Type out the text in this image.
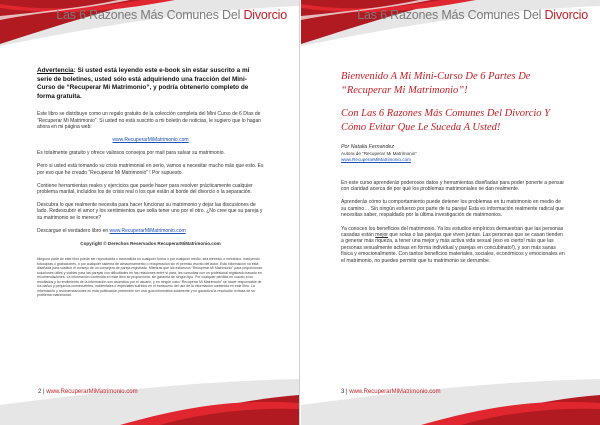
Las 6 Razones Más Comunes Del Divorcio

Advertencia: Si usted está leyendo este e-book sin estar suscrito a mi serie de boletines, usted sólo está adquiriendo una fracción del Mini-Curso de “Recuperar Mi Matrimonio”, y podría obtenerlo completo de forma gratuita.

Este libro se distribuye como un regalo gratuito de la colección completa del Mini Curso de 6 Días de “Recuperar Mi Matrimonio”. Si usted no está suscrito a mi boletín de noticias, le sugiero que lo hagan ahora en mi página web:

www.RecuperarMiMatrimonio.com

Es totalmente gratuito y ofrece valiosos consejos por mail para salvar su matrimonio.

Pero si usted está tomando su crisis matrimonial en serio, vamos a necesitar mucho más que esto. Es por eso que he creado “Recuperar Mi Matrimonio” ! Por supuesto.

Contiene herramientas reales y ejercicios que puede hacer para resolver prácticamente cualquier problema marital, incluidos los de crisis real o los que están al borde del divorcio o la separación.

Descubra lo que realmente necesita para hacer funcionar su matrimonio y dejar las discusiones de lado. Redescubrir el amor y los sentimientos que solía tener uno por el otro. ¿No cree que su pareja y su matrimonio se lo merece?

Descargue el verdadero libro en www.RecuperarMiMatrimonio.com

Copyright © Derechos Reservados RecuperarMiMatrimonio.com

Ninguna parte de este libro puede ser reproducida o transmitida en cualquier forma o por cualquier medio, sea eléctrico o mecánico, incluyendo fotocopias o grabaciones, o por cualquier sistema de almacenamiento o recuperación sin el permiso escrito del autor. Esta información no está diseñada para sustituir el consejo de un consejero de pareja registrado. Mientras que los esfuerzos “Recuperar Mi Matrimonio” para proporcionar soluciones útiles y viables para las parejas con dificultades en las relaciones entre sí para, les consultas con un profesional registrado basado en recomendaciones. La información contenida en este libro se proporciona, sin garantía de ningún tipo. Por cualquier pérdida en cuanto a los resultados y la rendimiento de la información son asumidos por el usuario, y en ningún caso “Recuperar Mi Matrimonio” se hacer responsable de los daños y perjuicios consecuentes, incidentales o especiales sufridos en el transcurso del uso de la información contenida en este libro. La información y recomendaciones en esta publicación pretenden ser una guía informativa solamente y no garantiza la resolución exitosa de su problema matrimonial.

2 | www.RecuperarMiMatrimonio.com
Las 6 Razones Más Comunes Del Divorcio

Bienvenido A Mi Mini-Curso De 6 Partes De “Recuperar Mi Matrimonio”!

Con Las 6 Razones Más Comunes Del Divorcio Y Cómo Evitar Que Le Suceda A Usted!

Por Natalia Fernandez
Autora de “Recuperar Mi Matrimonio”
www.RecuperarMiMatrimonio.com

En este curso aprenderás poderosos datos y herramientas diseñadas para poder ponerte a pensar con claridad acerca de por qué los problemas matrimoniales se dan realmente.

Aprenderás cómo tu comportamiento puede detener los problemas en tu matrimonio en medio de su camino… Sin ningún esfuerzo por parte de tu pareja! Esta es información realmente radical que necesitas saber, respaldado por la última investigación de matrimonios.

Ya conoces los beneficios del matrimonio. Ya los estudios empíricos demuestran que las personas casadas están mejor que solas o las parejas que viven juntas. Las personas que se casan tienden a generar más riqueza, a tener una mejor y más activa vida sexual (eso es cierto! más que las personas sexualmente activas en forma individual y parejas en concubinato!), y son más sanas física y emocionalmente. Con tantos beneficios materiales, sociales, económicos y emocionales en el matrimonio, no puedes permitir que tu matrimonio se derrumbe.

3 | www.RecuperarMiMatrimonio.com
